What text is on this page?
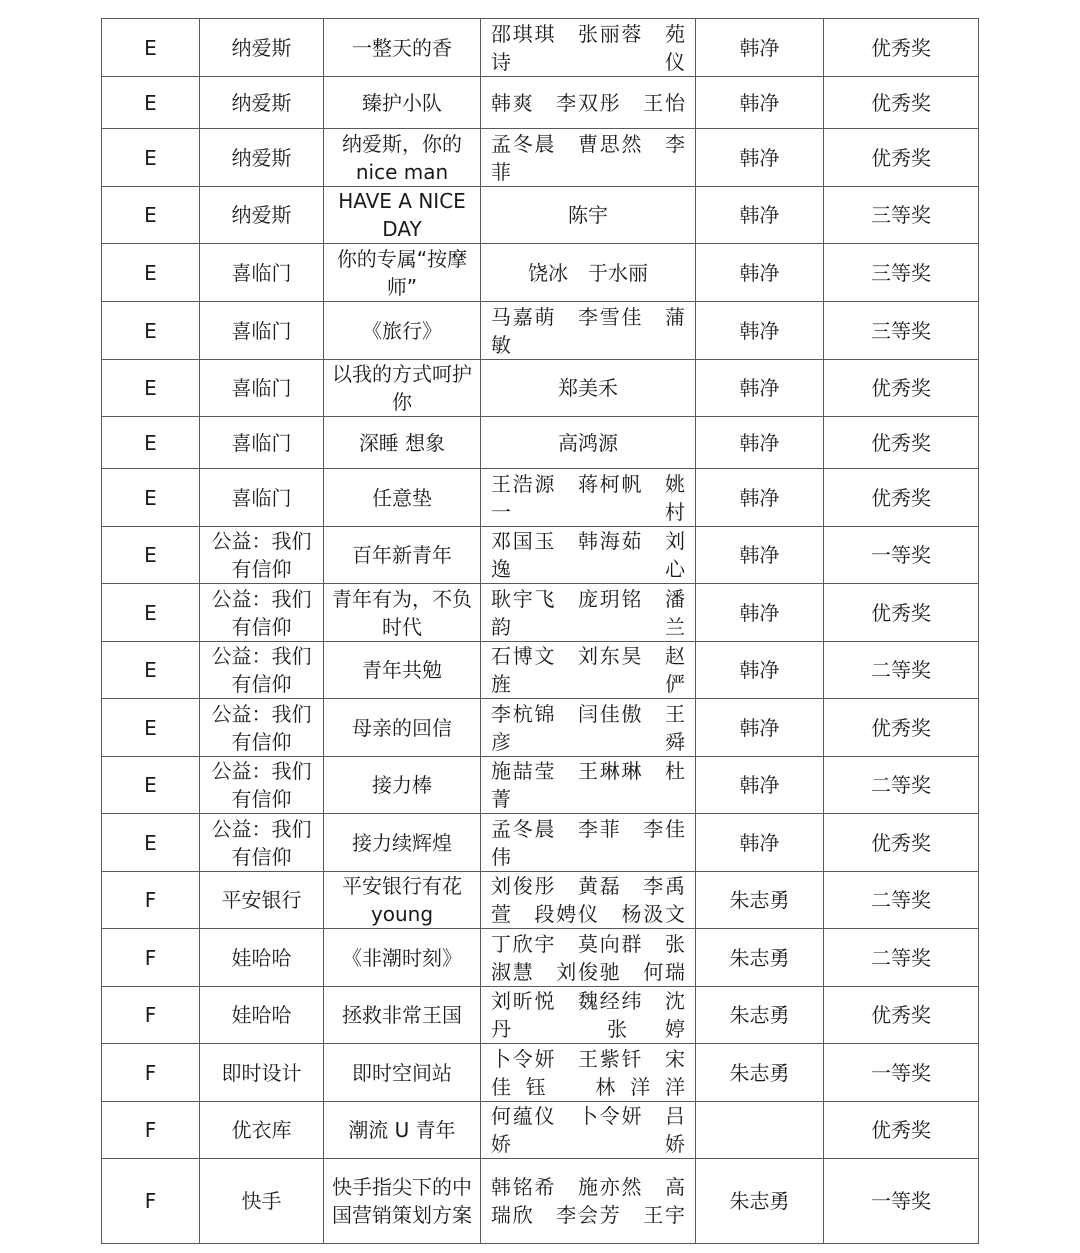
E	纳爱斯	一整天的香	邵琪琪　张丽蓉　苑诗仪	韩净	优秀奖
E	纳爱斯	臻护小队	韩爽　李双彤　王怡	韩净	优秀奖
E	纳爱斯	纳爱斯，你的 nice man	孟冬晨　曹思然　李菲	韩净	优秀奖
E	纳爱斯	HAVE A NICE DAY	陈宇	韩净	三等奖
E	喜临门	你的专属“按摩师”	饶冰　于水丽	韩净	三等奖
E	喜临门	《旅行》	马嘉萌　李雪佳　蒲敏	韩净	三等奖
E	喜临门	以我的方式呵护你	郑美禾	韩净	优秀奖
E	喜临门	深睡 想象	高鸿源	韩净	优秀奖
E	喜临门	任意垫	王浩源　蒋柯帆　姚一村	韩净	优秀奖
E	公益：我们有信仰	百年新青年	邓国玉　韩海茹　刘逸心	韩净	一等奖
E	公益：我们有信仰	青年有为，不负时代	耿宇飞　庞玥铭　潘韵兰	韩净	优秀奖
E	公益：我们有信仰	青年共勉	石博文　刘东昊　赵旌俨	韩净	二等奖
E	公益：我们有信仰	母亲的回信	李杭锦　闫佳傲　王彦舜	韩净	优秀奖
E	公益：我们有信仰	接力棒	施喆莹　王琳琳　杜菁	韩净	二等奖
E	公益：我们有信仰	接力续辉煌	孟冬晨　李菲　李佳伟	韩净	优秀奖
F	平安银行	平安银行有花 young	刘俊彤　黄磊　李禹萱　段娉仪　杨汲文	朱志勇	二等奖
F	娃哈哈	《非潮时刻》	丁欣宇　莫向群　张淑慧　刘俊驰　何瑞	朱志勇	二等奖
F	娃哈哈	拯救非常王国	刘昕悦　魏经纬　沈丹　张婷	朱志勇	优秀奖
F	即时设计	即时空间站	卜令妍　王紫钎　宋佳钰　林洋洋	朱志勇	一等奖
F	优衣库	潮流 U 青年	何蕴仪　卜令妍　吕娇娇		优秀奖
F	快手	快手指尖下的中国营销策划方案	韩铭希　施亦然　高瑞欣　李会芳　王宇	朱志勇	一等奖
